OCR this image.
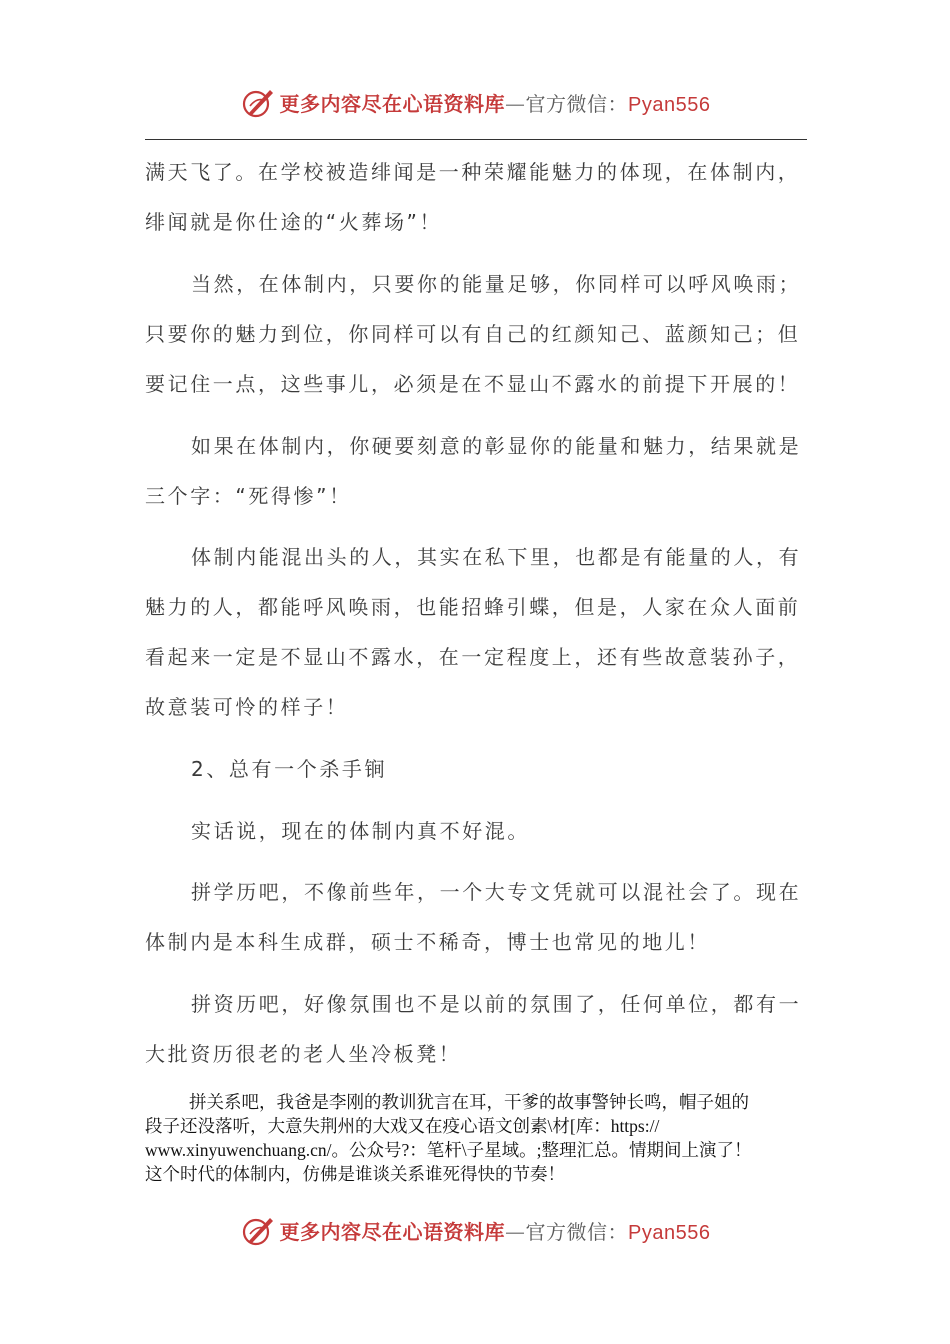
更多内容尽在心语资料库—官方微信：Pyan556
满天飞了。在学校被造绯闻是一种荣耀能魅力的体现，在体制内，
绯闻就是你仕途的“火葬场”！
当然，在体制内，只要你的能量足够，你同样可以呼风唤雨；
只要你的魅力到位，你同样可以有自己的红颜知己、蓝颜知己；但
要记住一点，这些事儿，必须是在不显山不露水的前提下开展的！
如果在体制内，你硬要刻意的彰显你的能量和魅力，结果就是
三个字：“死得惨”！
体制内能混出头的人，其实在私下里，也都是有能量的人，有
魅力的人，都能呼风唤雨，也能招蜂引蝶，但是，人家在众人面前
看起来一定是不显山不露水，在一定程度上，还有些故意装孙子，
故意装可怜的样子！
2、总有一个杀手锏
实话说，现在的体制内真不好混。
拼学历吧，不像前些年，一个大专文凭就可以混社会了。现在
体制内是本科生成群，硕士不稀奇，博士也常见的地儿！
拼资历吧，好像氛围也不是以前的氛围了，任何单位，都有一
大批资历很老的老人坐冷板凳！
拼关系吧，我爸是李刚的教训犹言在耳，干爹的故事警钟长鸣，帽子姐的
段子还没落听，大意失荆州的大戏又在疫心语文创素\材[库：https://
www.xinyuwenchuang.cn/。公众号?：笔杆\子星域。;整理汇总。情期间上演了！
这个时代的体制内，仿佛是谁谈关系谁死得快的节奏！
更多内容尽在心语资料库—官方微信：Pyan556
